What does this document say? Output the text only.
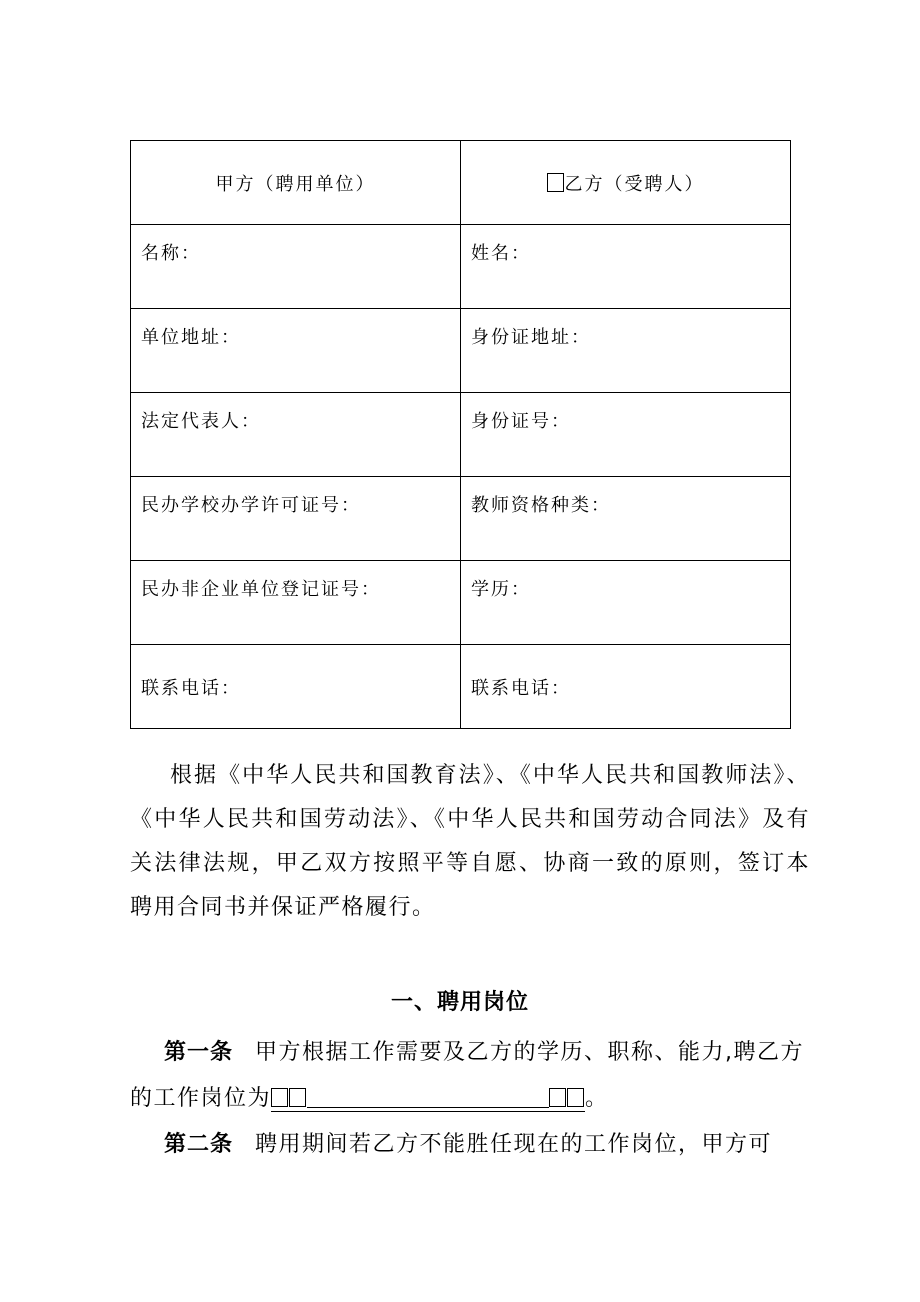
甲方（聘用单位）	乙方（受聘人）
名称：	姓名：
单位地址：	身份证地址：
法定代表人：	身份证号：
民办学校办学许可证号：	教师资格种类：
民办非企业单位登记证号：	学历：
联系电话：	联系电话：

根据《中华人民共和国教育法》、《中华人民共和国教师法》、《中华人民共和国劳动法》、《中华人民共和国劳动合同法》及有关法律法规，甲乙双方按照平等自愿、协商一致的原则，签订本聘用合同书并保证严格履行。

一、聘用岗位

第一条 甲方根据工作需要及乙方的学历、职称、能力,聘乙方的工作岗位为	。

第二条 聘用期间若乙方不能胜任现在的工作岗位，甲方可
